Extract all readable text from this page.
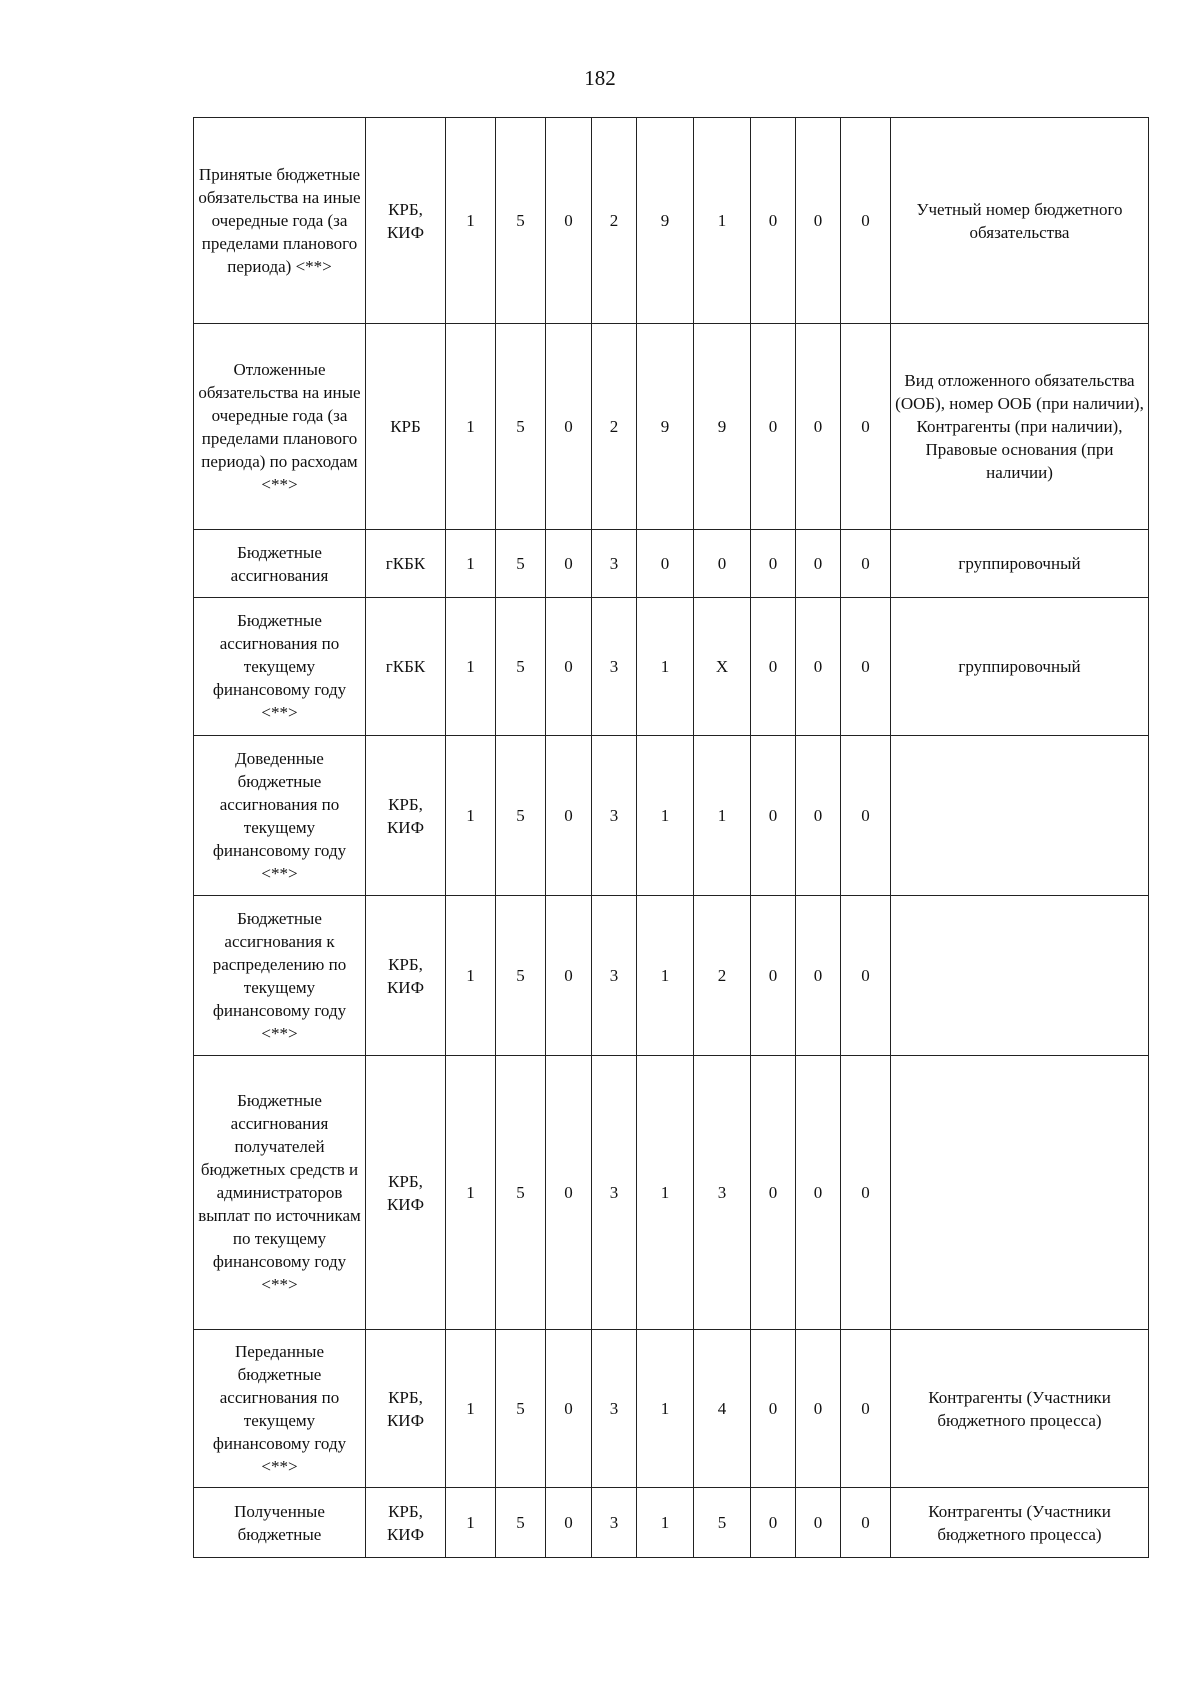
182
Принятые бюджетные обязательства на иные очередные года (за пределами планового периода) <**>	КРБ, КИФ	1	5	0	2	9	1	0	0	0	Учетный номер бюджетного обязательства
Отложенные обязательства на иные очередные года (за пределами планового периода) по расходам <**>	КРБ	1	5	0	2	9	9	0	0	0	Вид отложенного обязательства (ООБ), номер ООБ (при наличии), Контрагенты (при наличии), Правовые основания (при наличии)
Бюджетные ассигнования	гКБК	1	5	0	3	0	0	0	0	0	группировочный
Бюджетные ассигнования по текущему финансовому году <**>	гКБК	1	5	0	3	1	X	0	0	0	группировочный
Доведенные бюджетные ассигнования по текущему финансовому году <**>	КРБ, КИФ	1	5	0	3	1	1	0	0	0	
Бюджетные ассигнования к распределению по текущему финансовому году <**>	КРБ, КИФ	1	5	0	3	1	2	0	0	0	
Бюджетные ассигнования получателей бюджетных средств и администраторов выплат по источникам по текущему финансовому году <**>	КРБ, КИФ	1	5	0	3	1	3	0	0	0	
Переданные бюджетные ассигнования по текущему финансовому году <**>	КРБ, КИФ	1	5	0	3	1	4	0	0	0	Контрагенты (Участники бюджетного процесса)
Полученные бюджетные	КРБ, КИФ	1	5	0	3	1	5	0	0	0	Контрагенты (Участники бюджетного процесса)
